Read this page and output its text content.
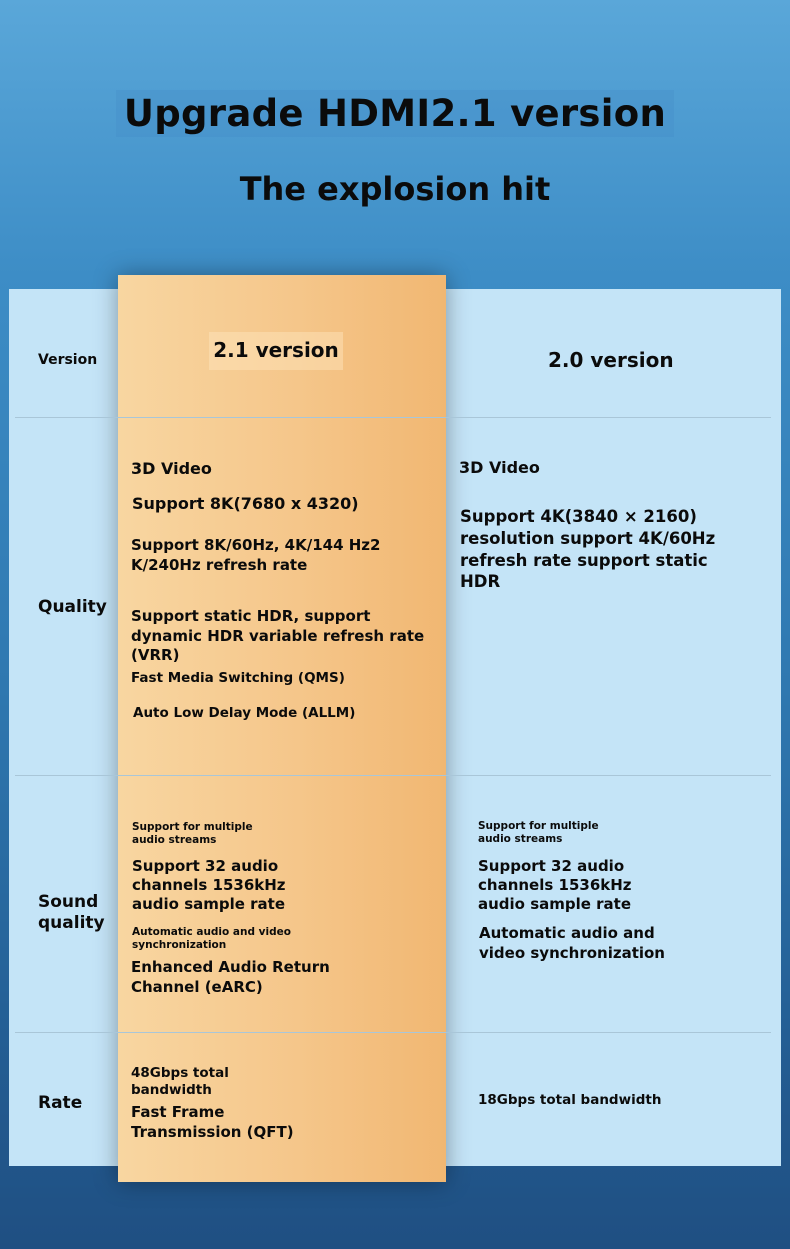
Upgrade HDMI2.1 version
The explosion hit
Version
Quality
Sound quality
Rate
2.1 version	2.0 version
3D Video
Support 8K(7680 x 4320)
Support 8K/60Hz, 4K/144 Hz2 K/240Hz refresh rate
Support static HDR, support dynamic HDR variable refresh rate (VRR)
Fast Media Switching (QMS)
Auto Low Delay Mode (ALLM)
Support for multiple audio streams
Support 32 audio channels 1536kHz audio sample rate
Automatic audio and video synchronization
Enhanced Audio Return Channel (eARC)
48Gbps total bandwidth
Fast Frame Transmission (QFT)
3D Video
Support 4K(3840 × 2160) resolution support 4K/60Hz refresh rate support static HDR
Support for multiple audio streams
Support 32 audio channels 1536kHz audio sample rate
Automatic audio and video synchronization
18Gbps total bandwidth
